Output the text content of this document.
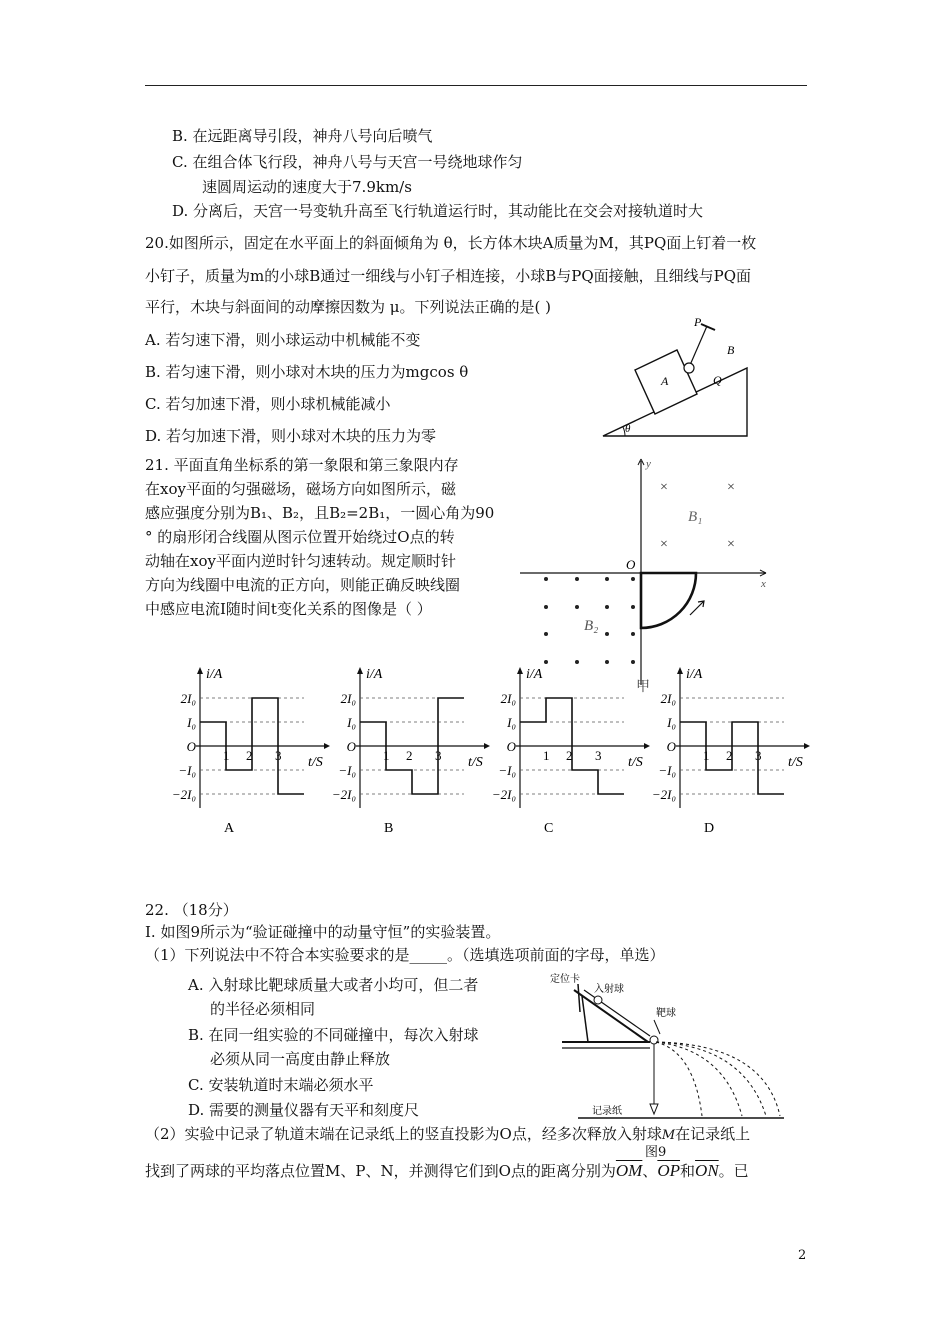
B. 在远距离导引段，神舟八号向后喷气
C. 在组合体飞行段，神舟八号与天宫一号绕地球作匀
速圆周运动的速度大于7.9km/s
D. 分离后，天宫一号变轨升高至飞行轨道运行时，其动能比在交会对接轨道时大
20.如图所示，固定在水平面上的斜面倾角为 θ，长方体木块A质量为M，其PQ面上钉着一枚
小钉子，质量为m的小球B通过一细线与小钉子相连接，小球B与PQ面接触，且细线与PQ面
平行，木块与斜面间的动摩擦因数为 μ。下列说法正确的是( )
A. 若匀速下滑，则小球运动中机械能不变
B. 若匀速下滑，则小球对木块的压力为mgcos θ
C. 若匀加速下滑，则小球机械能减小
D. 若匀加速下滑，则小球对木块的压力为零
P
A
B
Q
θ
21. 平面直角坐标系的第一象限和第三象限内存
在xoy平面的匀强磁场，磁场方向如图所示，磁
感应强度分别为B₁、B₂，且B₂=2B₁，一圆心角为90
° 的扇形闭合线圈从图示位置开始绕过O点的转
动轴在xoy平面内逆时针匀速转动。规定顺时针
方向为线圈中电流的正方向，则能正确反映线圈
中感应电流I随时间t变化关系的图像是（ ）
y
x
O
×	×
×	×
B₁
B₂
甲
i/A
t/S
2I₀
I₀
O
−I₀
−2I₀
1 2 3
A
i/A
t/S
2I₀
I₀
O
−I₀
−2I₀
1 2 3
B
i/A
t/S
2I₀
I₀
O
−I₀
−2I₀
1 2 3
C
i/A
t/S
2I₀
I₀
O
−I₀
−2I₀
1 2 3
D
22. （18分）
Ⅰ. 如图9所示为“验证碰撞中的动量守恒”的实验装置。
（1）下列说法中不符合本实验要求的是_____。（选填选项前面的字母，单选）
A. 入射球比靶球质量大或者小均可，但二者
的半径必须相同
B. 在同一组实验的不同碰撞中，每次入射球
必须从同一高度由静止释放
C. 安装轨道时末端必须水平
D. 需要的测量仪器有天平和刻度尺
定位卡
入射球
靶球
记录纸
（2）实验中记录了轨道末端在记录纸上的竖直投影为O点，经多次释放入射球M在记录纸上
图9
找到了两球的平均落点位置M、P、N，并测得它们到O点的距离分别为$\overline{OM}$、$\overline{OP}$和$\overline{ON}$。已
2
